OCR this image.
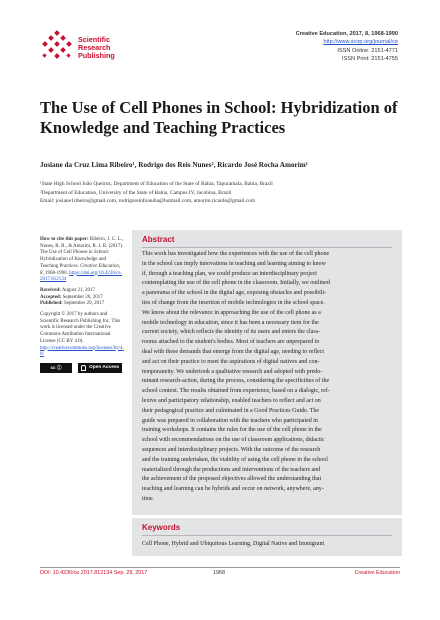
Scientific
Research
Publishing
Creative Education, 2017, 8, 1968-1990
http://www.scirp.org/journal/ce
ISSN Online: 2151-4771
ISSN Print: 2151-4755
The Use of Cell Phones in School: Hybridization of Knowledge and Teaching Practices
Josiane da Cruz Lima Ribeiro¹, Rodrigo dos Reis Nunes², Ricardo José Rocha Amorim¹
¹State High School João Queiroz, Department of Education of the State of Bahia, Tapuramala, Bahia, Brazil
²Department of Education, University of the State of Bahia, Campus IV, Jacobina, Brazil
Email: josiane1ribeiro@gmail.com, rodrigoreinfoandia@hotmail.com, amorim.ricardo@gmail.com

How to cite this paper: Ribeiro, J. C. L., Nunes, R. R., & Amorim, R. J. R. (2017). The Use of Cell Phones in School: Hybridization of Knowledge and Teaching Practices. Creative Education, 8, 1968-1990. https://doi.org/10.4236/ce.2017.812134

Received: August 21, 2017
Accepted: September 26, 2017
Published: September 29, 2017

Copyright © 2017 by authors and Scientific Research Publishing Inc. This work is licensed under the Creative Commons Attribution International License (CC BY 4.0).
http://creativecommons.org/licenses/by/4.0/

cc ⓘ	Open Access
Abstract
This work has investigated how the experiences with the use of the cell phone
in the school can imply innovations in teaching and learning aiming to know
if, through a teaching plan, we could produce an interdisciplinary project
contemplating the use of the cell phone in the classroom. Initially, we outlined
a panorama of the school in the digital age, exposing obstacles and possibili-
ties of change from the insertion of mobile technologies in the school space.
We know about the relevance in approaching the use of the cell phone as a
mobile technology in education, since it has been a necessary item for the
current society, which reflects the identity of its users and enters the class-
rooms attached to the student's bodies. Most of teachers are unprepared to
deal with these demands that emerge from the digital age, needing to reflect
and act on their practice to meet the aspirations of digital natives and con-
temporaneity. We undertook a qualitative research and adopted with predo-
minant research-action, during the process, considering the specificities of the
school context. The results obtained from experience, based on a dialogic, ref-
lexive and participatory relationship, enabled teachers to reflect and act on
their pedagogical practice and culminated in a Good Practices Guide. The
guide was prepared in collaboration with the teachers who participated in
training workshops. It contains the rules for the use of the cell phone in the
school with recommendations on the use of classroom applications, didactic
sequences and interdisciplinary projects. With the outcome of the research
and the training undertaken, the viability of using the cell phone in the school
materialized through the productions and interventions of the teachers and
the achievement of the proposed objectives allowed the understanding that
teaching and learning can be hybrids and occur on network, anywhere, any-
time.
Keywords
Cell Phone, Hybrid and Ubiquitous Learning, Digital Native and Immigrant
DOI: 10.4236/ce.2017.812134 Sep. 29, 2017	1968	Creative Education
